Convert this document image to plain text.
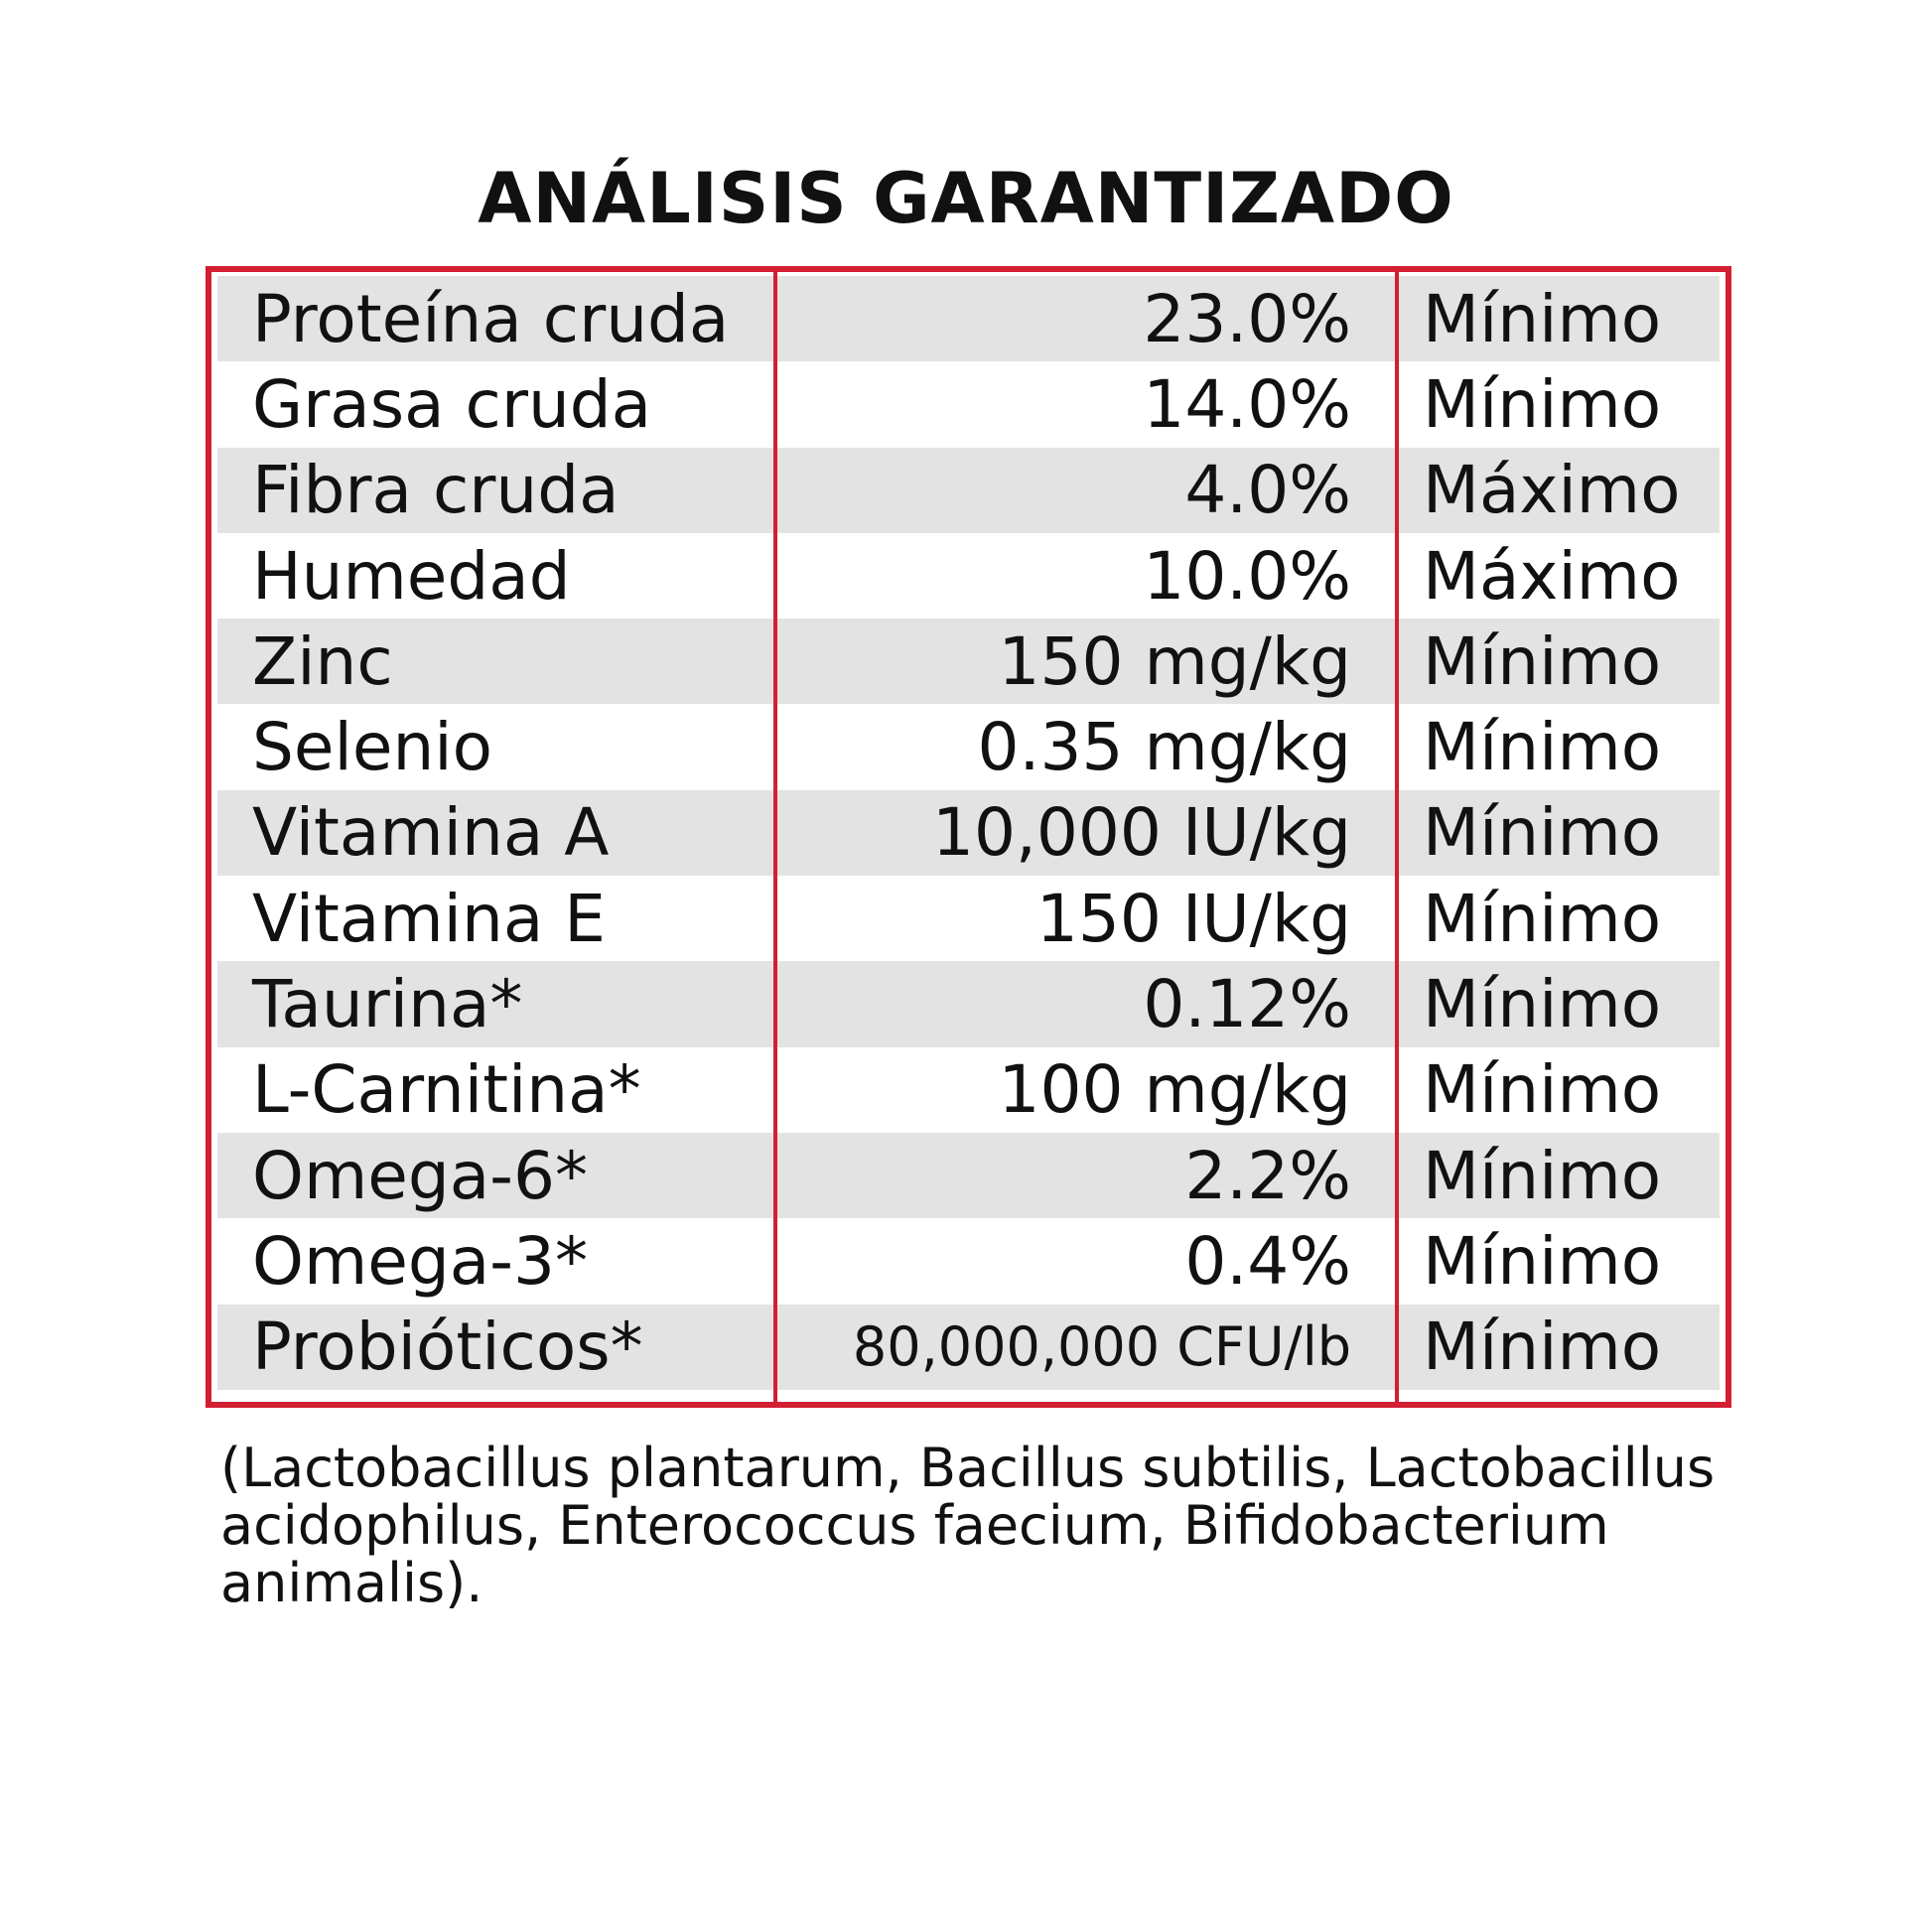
ANÁLISIS GARANTIZADO
Proteína cruda	23.0%	Mínimo
Grasa cruda	14.0%	Mínimo
Fibra cruda	4.0%	Máximo
Humedad	10.0%	Máximo
Zinc	150 mg/kg	Mínimo
Selenio	0.35 mg/kg	Mínimo
Vitamina A	10,000 IU/kg	Mínimo
Vitamina E	150 IU/kg	Mínimo
Taurina*	0.12%	Mínimo
L-Carnitina*	100 mg/kg	Mínimo
Omega-6*	2.2%	Mínimo
Omega-3*	0.4%	Mínimo
Probióticos*	80,000,000 CFU/lb	Mínimo
(Lactobacillus plantarum, Bacillus subtilis, Lactobacillus acidophilus, Enterococcus faecium, Bifidobacterium animalis).
